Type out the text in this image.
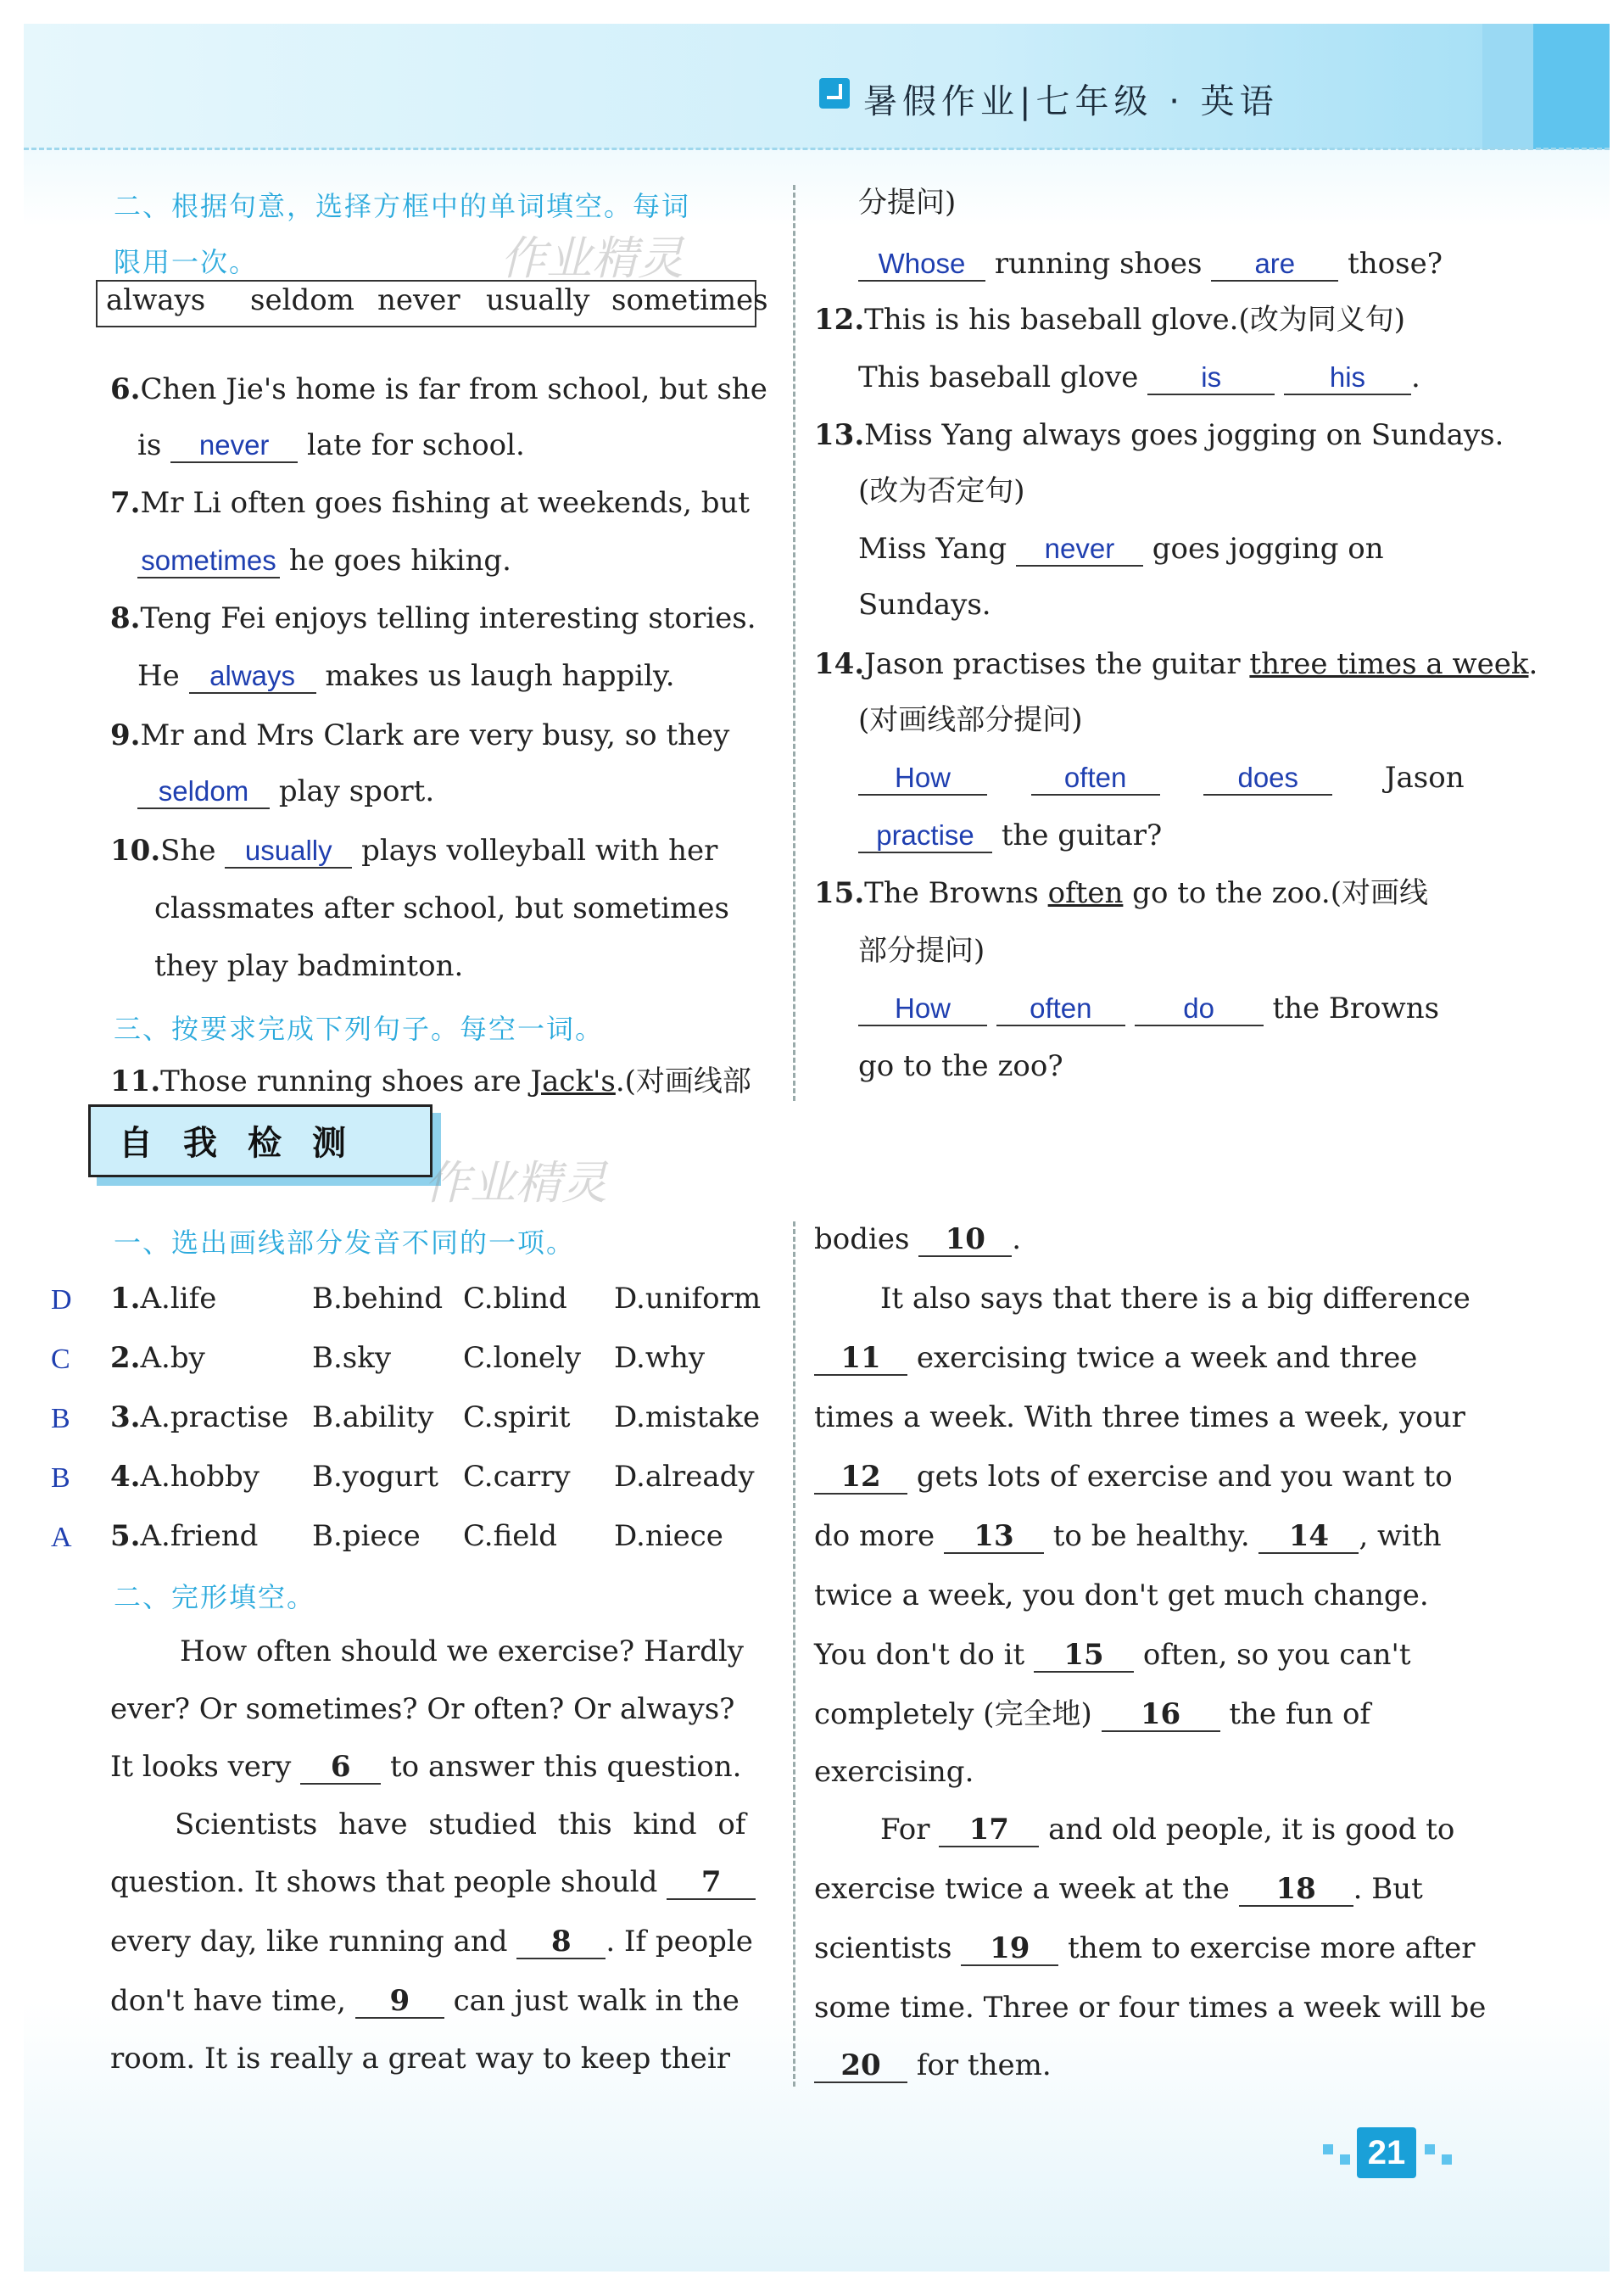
暑假作业|七年级 · 英语
二、根据句意，选择方框中的单词填空。每词
限用一次。	作业精灵
always seldom never usually sometimes
6.Chen Jie's home is far from school, but she
is never late for school.
7.Mr Li often goes fishing at weekends, but
sometimes he goes hiking.
8.Teng Fei enjoys telling interesting stories.
He always makes us laugh happily.
9.Mr and Mrs Clark are very busy, so they
seldom play sport.
10.She usually plays volleyball with her
classmates after school, but sometimes
they play badminton.
三、按要求完成下列句子。每空一词。
11.Those running shoes are Jack's.(对画线部
分提问)
Whose running shoes are those?
12.This is his baseball glove.(改为同义句)
This baseball glove is	his .
13.Miss Yang always goes jogging on Sundays.
(改为否定句)
Miss Yang never goes jogging on
Sundays.
14.Jason practises the guitar three times a week.
(对画线部分提问)
How	often	does	Jason
practise the guitar?
15.The Browns often go to the zoo.(对画线
部分提问)
How	often	do the Browns
go to the zoo?
自我检测
作业精灵
一、选出画线部分发音不同的一项。
D 1.A.life	B.behind C.blind D.uniform
C 2.A.by	B.sky C.lonely D.why
B 3.A.practise B.ability C.spirit D.mistake
B 4.A.hobby B.yogurt C.carry D.already
A 5.A.friend B.piece C.field D.niece
二、完形填空。
How often should we exercise? Hardly
ever? Or sometimes? Or often? Or always?
It looks very 6 to answer this question.
Scientists have studied this kind of
question. It shows that people should 7
every day, like running and 8 . If people
don't have time, 9 can just walk in the
room. It is really a great way to keep their
bodies 10 .
It also says that there is a big difference
11 exercising twice a week and three
times a week. With three times a week, your
12 gets lots of exercise and you want to
do more 13 to be healthy. 14 , with
twice a week, you don't get much change.
You don't do it 15 often, so you can't
completely (完全地) 16 the fun of
exercising.
For 17 and old people, it is good to
exercise twice a week at the 18 . But
scientists 19 them to exercise more after
some time. Three or four times a week will be
20 for them.
21
